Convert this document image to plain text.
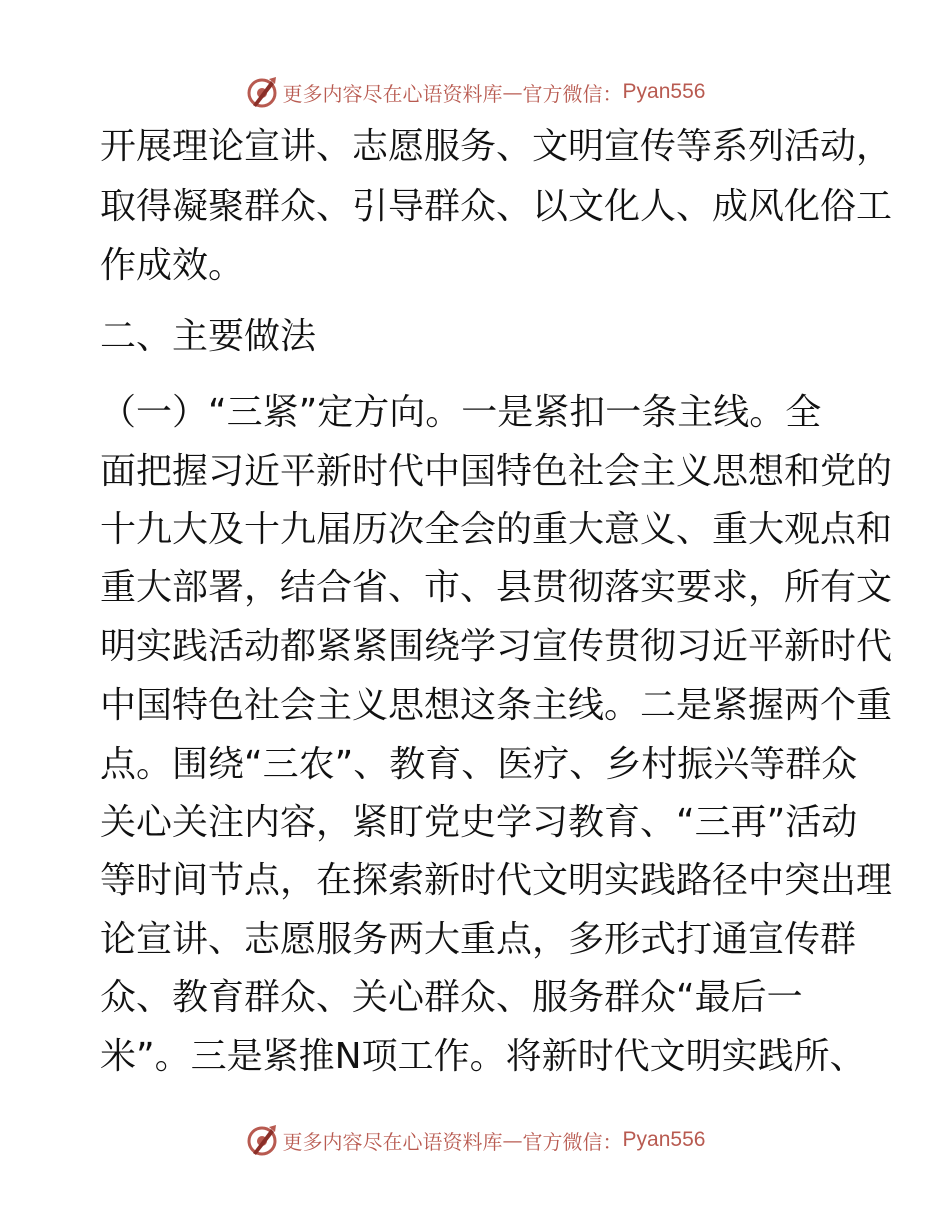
更多内容尽在心语资料库 — 官方微信： Pyan556
开展理论宣讲、志愿服务、文明宣传等系列活动，
取得凝聚群众、引导群众、以文化人、成风化俗工
作成效。
二、主要做法
（一）“三紧”定方向。一是紧扣一条主线。全
面把握习近平新时代中国特色社会主义思想和党的
十九大及十九届历次全会的重大意义、重大观点和
重大部署，结合省、市、县贯彻落实要求，所有文
明实践活动都紧紧围绕学习宣传贯彻习近平新时代
中国特色社会主义思想这条主线。二是紧握两个重
点。围绕“三农”、教育、医疗、乡村振兴等群众
关心关注内容，紧盯党史学习教育、“三再”活动
等时间节点，在探索新时代文明实践路径中突出理
论宣讲、志愿服务两大重点，多形式打通宣传群
众、教育群众、关心群众、服务群众“最后一
米”。三是紧推N项工作。将新时代文明实践所、
更多内容尽在心语资料库 — 官方微信： Pyan556
